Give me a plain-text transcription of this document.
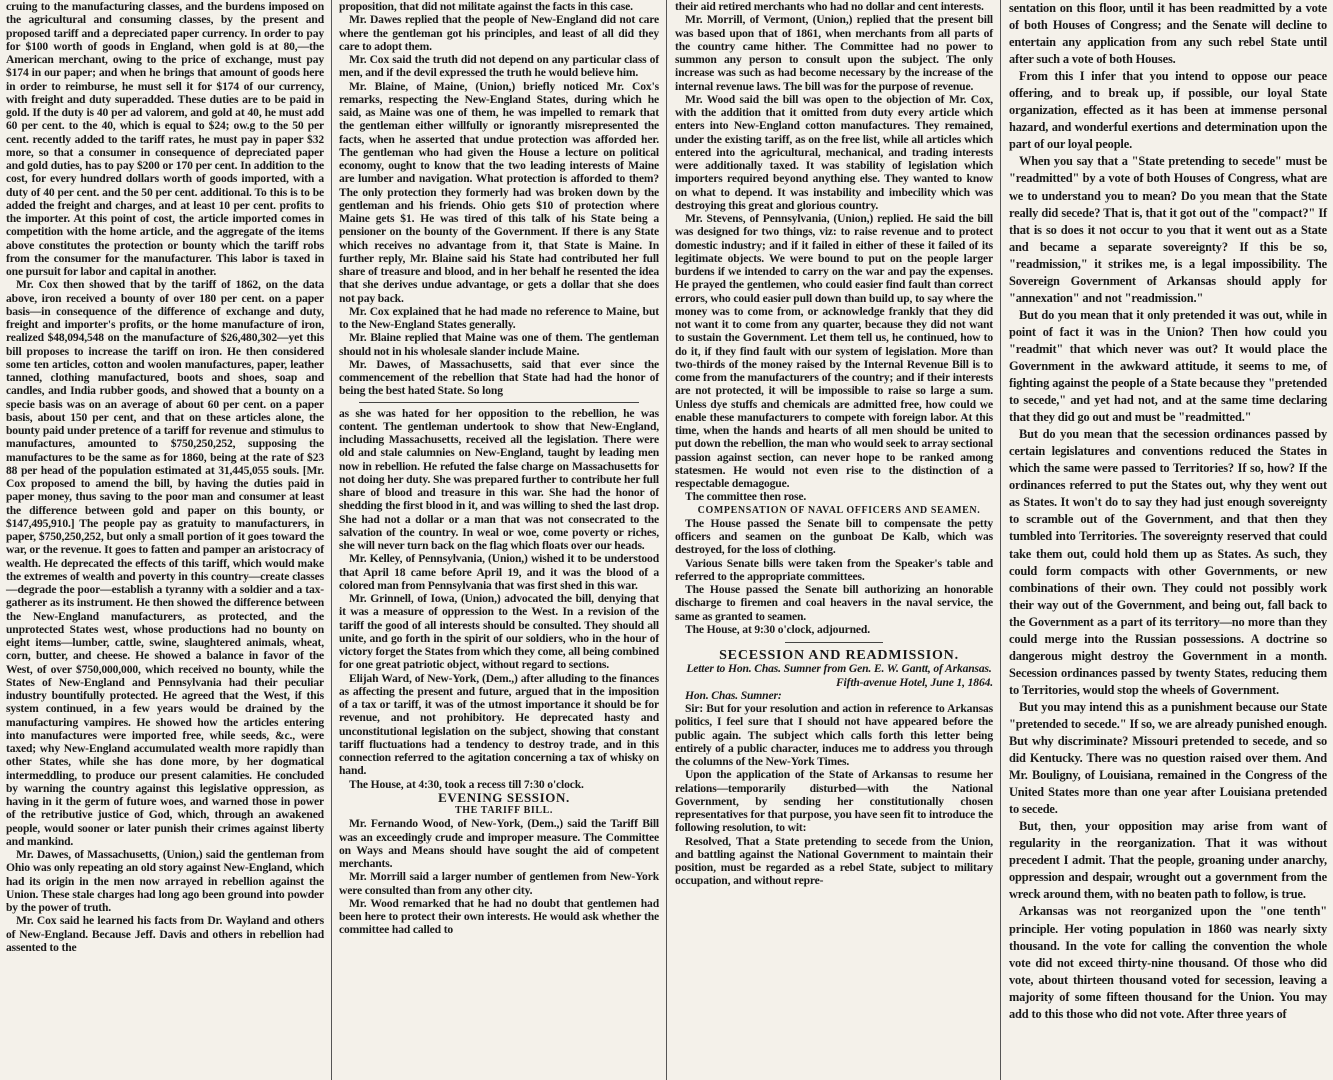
cruing to the manufacturing classes, and the burdens imposed on the agricultural and consuming classes, by the present and proposed tariff and a depreciated paper currency. In order to pay for $100 worth of goods in England, when gold is at 80,—the American merchant, owing to the price of exchange, must pay $174 in our paper; and when he brings that amount of goods here in order to reimburse, he must sell it for $174 of our currency, with freight and duty superadded. These duties are to be paid in gold. If the duty is 40 per ad valorem, and gold at 40, he must add 60 per cent. to the 40, which is equal to $24; ow.g to the 50 per cent. recently added to the tariff rates, he must pay in paper $32 more, so that a consumer in consequence of depreciated paper and gold duties, has to pay $200 or 170 per cent. In addition to the cost, for every hundred dollars worth of goods imported, with a duty of 40 per cent. and the 50 per cent. additional. To this is to be added the freight and charges, and at least 10 per cent. profits to the importer. At this point of cost, the article imported comes in competition with the home article, and the aggregate of the items above constitutes the protection or bounty which the tariff robs from the consumer for the manufacturer. This labor is taxed in one pursuit for labor and capital in another.

Mr. Cox then showed that by the tariff of 1862, on the data above, iron received a bounty of over 180 per cent. on a paper basis—in consequence of the difference of exchange and duty, freight and importer's profits, or the home manufacture of iron, realized $48,094,548 on the manufacture of $26,480,302—yet this bill proposes to increase the tariff on iron. He then considered some ten articles, cotton and woolen manufactures, paper, leather tanned, clothing manufactured, boots and shoes, soap and candles, and India rubber goods, and showed that a bounty on a specie basis was on an average of about 60 per cent. on a paper basis, about 150 per cent, and that on these articles alone, the bounty paid under pretence of a tariff for revenue and stimulus to manufactures, amounted to $750,250,252, supposing the manufactures to be the same as for 1860, being at the rate of $23 88 per head of the population estimated at 31,445,055 souls. [Mr. Cox proposed to amend the bill, by having the duties paid in paper money, thus saving to the poor man and consumer at least the difference between gold and paper on this bounty, or $147,495,910.] The people pay as gratuity to manufacturers, in paper, $750,250,252, but only a small portion of it goes toward the war, or the revenue. It goes to fatten and pamper an aristocracy of wealth. He deprecated the effects of this tariff, which would make the extremes of wealth and poverty in this country—create classes—degrade the poor—establish a tyranny with a soldier and a tax-gatherer as its instrument. He then showed the difference between the New-England manufacturers, as protected, and the unprotected States west, whose productions had no bounty on eight items—lumber, cattle, swine, slaughtered animals, wheat, corn, butter, and cheese. He showed a balance in favor of the West, of over $750,000,000, which received no bounty, while the States of New-England and Pennsylvania had their peculiar industry bountifully protected. He agreed that the West, if this system continued, in a few years would be drained by the manufacturing vampires. He showed how the articles entering into manufactures were imported free, while seeds, &c., were taxed; why New-England accumulated wealth more rapidly than other States, while she has done more, by her dogmatical intermeddling, to produce our present calamities. He concluded by warning the country against this legislative oppression, as having in it the germ of future woes, and warned those in power of the retributive justice of God, which, through an awakened people, would sooner or later punish their crimes against liberty and mankind.

Mr. Dawes, of Massachusetts, (Union,) said the gentleman from Ohio was only repeating an old story against New-England, which had its origin in the men now arrayed in rebellion against the Union. These stale charges had long ago been ground into powder by the power of truth.

Mr. Cox said he learned his facts from Dr. Wayland and others of New-England. Because Jeff. Davis and others in rebellion had assented to the

proposition, that did not militate against the facts in this case.

Mr. Dawes replied that the people of New-England did not care where the gentleman got his principles, and least of all did they care to adopt them.

Mr. Cox said the truth did not depend on any particular class of men, and if the devil expressed the truth he would believe him.

Mr. Blaine, of Maine, (Union,) briefly noticed Mr. Cox's remarks, respecting the New-England States, during which he said, as Maine was one of them, he was impelled to remark that the gentleman either willfully or ignorantly misrepresented the facts, when he asserted that undue protection was afforded her. The gentleman who had given the House a lecture on political economy, ought to know that the two leading interests of Maine are lumber and navigation. What protection is afforded to them? The only protection they formerly had was broken down by the gentleman and his friends. Ohio gets $10 of protection where Maine gets $1. He was tired of this talk of his State being a pensioner on the bounty of the Government. If there is any State which receives no advantage from it, that State is Maine. In further reply, Mr. Blaine said his State had contributed her full share of treasure and blood, and in her behalf he resented the idea that she derives undue advantage, or gets a dollar that she does not pay back.

Mr. Cox explained that he had made no reference to Maine, but to the New-England States generally.

Mr. Blaine replied that Maine was one of them. The gentleman should not in his wholesale slander include Maine.

Mr. Dawes, of Massachusetts, said that ever since the commencement of the rebellion that State had had the honor of being the best hated State. So long

as she was hated for her opposition to the rebellion, he was content. The gentleman undertook to show that New-England, including Massachusetts, received all the legislation. There were old and stale calumnies on New-England, taught by leading men now in rebellion. He refuted the false charge on Massachusetts for not doing her duty. She was prepared further to contribute her full share of blood and treasure in this war. She had the honor of shedding the first blood in it, and was willing to shed the last drop. She had not a dollar or a man that was not consecrated to the salvation of the country. In weal or woe, come poverty or riches, she will never turn back on the flag which floats over our heads.

Mr. Kelley, of Pennsylvania, (Union,) wished it to be understood that April 18 came before April 19, and it was the blood of a colored man from Pennsylvania that was first shed in this war.

Mr. Grinnell, of Iowa, (Union,) advocated the bill, denying that it was a measure of oppression to the West. In a revision of the tariff the good of all interests should be consulted. They should all unite, and go forth in the spirit of our soldiers, who in the hour of victory forget the States from which they come, all being combined for one great patriotic object, without regard to sections.

Elijah Ward, of New-York, (Dem.,) after alluding to the finances as affecting the present and future, argued that in the imposition of a tax or tariff, it was of the utmost importance it should be for revenue, and not prohibitory. He deprecated hasty and unconstitutional legislation on the subject, showing that constant tariff fluctuations had a tendency to destroy trade, and in this connection referred to the agitation concerning a tax of whisky on hand.

The House, at 4:30, took a recess till 7:30 o'clock.

EVENING SESSION.

THE TARIFF BILL.

Mr. Fernando Wood, of New-York, (Dem.,) said the Tariff Bill was an exceedingly crude and improper measure. The Committee on Ways and Means should have sought the aid of competent merchants.

Mr. Morrill said a larger number of gentlemen from New-York were consulted than from any other city.

Mr. Wood remarked that he had no doubt that gentlemen had been here to protect their own interests. He would ask whether the committee had called to

their aid retired merchants who had no dollar and cent interests.

Mr. Morrill, of Vermont, (Union,) replied that the present bill was based upon that of 1861, when merchants from all parts of the country came hither. The Committee had no power to summon any person to consult upon the subject. The only increase was such as had become necessary by the increase of the internal revenue laws. The bill was for the purpose of revenue.

Mr. Wood said the bill was open to the objection of Mr. Cox, with the addition that it omitted from duty every article which enters into New-England cotton manufactures. They remained, under the existing tariff, as on the free list, while all articles which entered into the agricultural, mechanical, and trading interests were additionally taxed. It was stability of legislation which importers required beyond anything else. They wanted to know on what to depend. It was instability and imbecility which was destroying this great and glorious country.

Mr. Stevens, of Pennsylvania, (Union,) replied. He said the bill was designed for two things, viz: to raise revenue and to protect domestic industry; and if it failed in either of these it failed of its legitimate objects. We were bound to put on the people larger burdens if we intended to carry on the war and pay the expenses. He prayed the gentlemen, who could easier find fault than correct errors, who could easier pull down than build up, to say where the money was to come from, or acknowledge frankly that they did not want it to come from any quarter, because they did not want to sustain the Government. Let them tell us, he continued, how to do it, if they find fault with our system of legislation. More than two-thirds of the money raised by the Internal Revenue Bill is to come from the manufacturers of the country; and if their interests are not protected, it will be impossible to raise so large a sum. Unless dye stuffs and chemicals are admitted free, how could we enable these manufacturers to compete with foreign labor. At this time, when the hands and hearts of all men should be united to put down the rebellion, the man who would seek to array sectional passion against section, can never hope to be ranked among statesmen. He would not even rise to the distinction of a respectable demagogue.

The committee then rose.

COMPENSATION OF NAVAL OFFICERS AND SEAMEN.

The House passed the Senate bill to compensate the petty officers and seamen on the gunboat De Kalb, which was destroyed, for the loss of clothing.

Various Senate bills were taken from the Speaker's table and referred to the appropriate committees.

The House passed the Senate bill authorizing an honorable discharge to firemen and coal heavers in the naval service, the same as granted to seamen.

The House, at 9:30 o'clock, adjourned.

SECESSION AND READMISSION.

Letter to Hon. Chas. Sumner from Gen. E. W. Gantt, of Arkansas.

Fifth-avenue Hotel, June 1, 1864.

Hon. Chas. Sumner:

Sir: But for your resolution and action in reference to Arkansas politics, I feel sure that I should not have appeared before the public again. The subject which calls forth this letter being entirely of a public character, induces me to address you through the columns of the New-York Times.

Upon the application of the State of Arkansas to resume her relations—temporarily disturbed—with the National Government, by sending her constitutionally chosen representatives for that purpose, you have seen fit to introduce the following resolution, to wit:

Resolved, That a State pretending to secede from the Union, and battling against the National Government to maintain their position, must be regarded as a rebel State, subject to military occupation, and without repre-

sentation on this floor, until it has been readmitted by a vote of both Houses of Congress; and the Senate will decline to entertain any application from any such rebel State until after such a vote of both Houses.

From this I infer that you intend to oppose our peace offering, and to break up, if possible, our loyal State organization, effected as it has been at immense personal hazard, and wonderful exertions and determination upon the part of our loyal people.

When you say that a "State pretending to secede" must be "readmitted" by a vote of both Houses of Congress, what are we to understand you to mean? Do you mean that the State really did secede? That is, that it got out of the "compact?" If that is so does it not occur to you that it went out as a State and became a separate sovereignty? If this be so, "readmission," it strikes me, is a legal impossibility. The Sovereign Government of Arkansas should apply for "annexation" and not "readmission."

But do you mean that it only pretended it was out, while in point of fact it was in the Union? Then how could you "readmit" that which never was out? It would place the Government in the awkward attitude, it seems to me, of fighting against the people of a State because they "pretended to secede," and yet had not, and at the same time declaring that they did go out and must be "readmitted."

But do you mean that the secession ordinances passed by certain legislatures and conventions reduced the States in which the same were passed to Territories? If so, how? If the ordinances referred to put the States out, why they went out as States. It won't do to say they had just enough sovereignty to scramble out of the Government, and that then they tumbled into Territories. The sovereignty reserved that could take them out, could hold them up as States. As such, they could form compacts with other Governments, or new combinations of their own. They could not possibly work their way out of the Government, and being out, fall back to the Government as a part of its territory—no more than they could merge into the Russian possessions. A doctrine so dangerous might destroy the Government in a month. Secession ordinances passed by twenty States, reducing them to Territories, would stop the wheels of Government.

But you may intend this as a punishment because our State "pretended to secede." If so, we are already punished enough. But why discriminate? Missouri pretended to secede, and so did Kentucky. There was no question raised over them. And Mr. Bouligny, of Louisiana, remained in the Congress of the United States more than one year after Louisiana pretended to secede.

But, then, your opposition may arise from want of regularity in the reorganization. That it was without precedent I admit. That the people, groaning under anarchy, oppression and despair, wrought out a government from the wreck around them, with no beaten path to follow, is true.

Arkansas was not reorganized upon the "one tenth" principle. Her voting population in 1860 was nearly sixty thousand. In the vote for calling the convention the whole vote did not exceed thirty-nine thousand. Of those who did vote, about thirteen thousand voted for secession, leaving a majority of some fifteen thousand for the Union. You may add to this those who did not vote. After three years of
